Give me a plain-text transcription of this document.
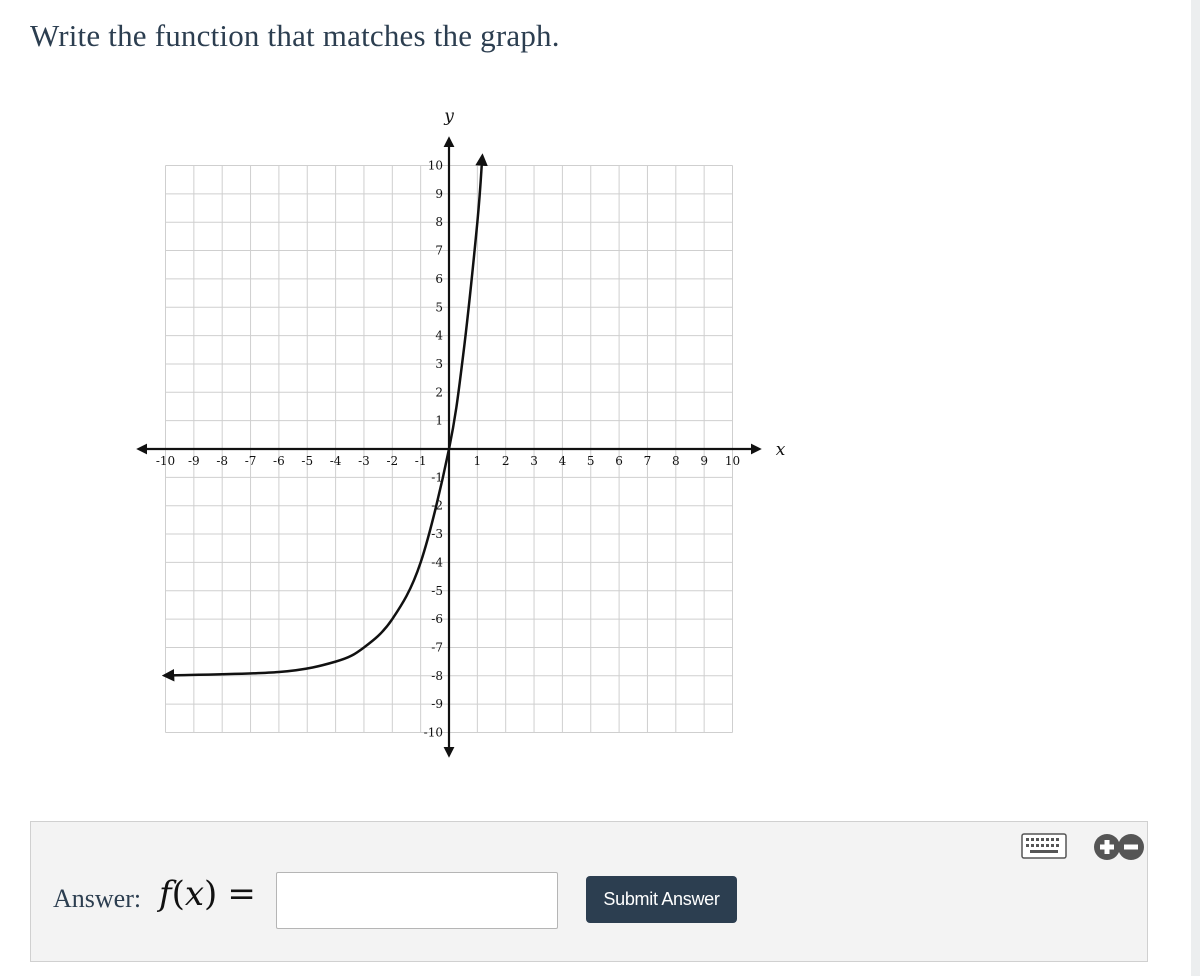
Write the function that matches the graph.
x
y
-10 -9 -8 -7 -6 -5 -4 -3 -2 -1	1 2 3 4 5 6 7 8 9 10
10
9
8
7
6
5
4
3
2
1
-1
-2
-3
-4
-5
-6
-7
-8
-9
-10
Answer: f(x) =	Submit Answer
